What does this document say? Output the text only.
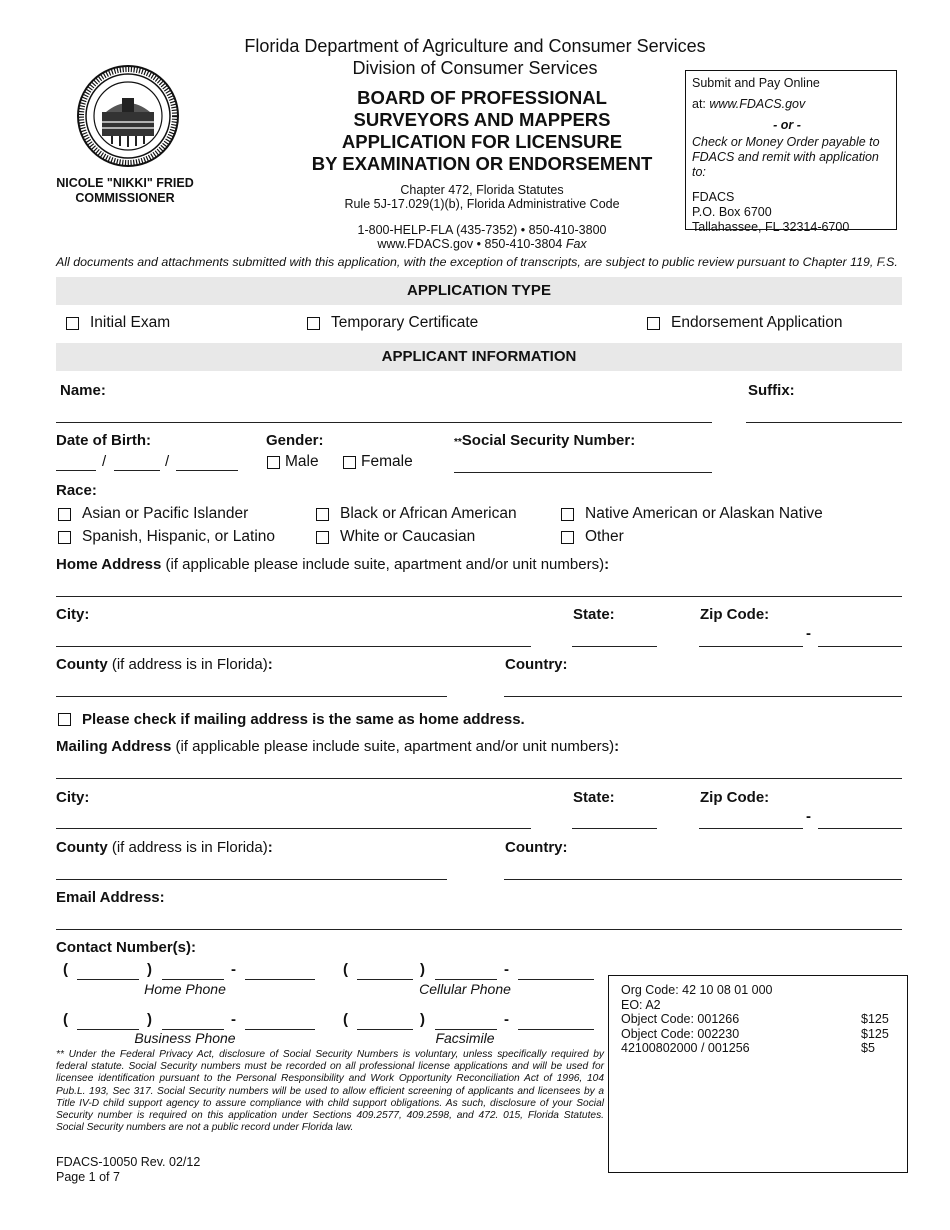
NICOLE "NIKKI" FRIED
COMMISSIONER
Florida Department of Agriculture and Consumer Services
Division of Consumer Services
BOARD OF PROFESSIONAL
SURVEYORS AND MAPPERS
APPLICATION FOR LICENSURE
BY EXAMINATION OR ENDORSEMENT
Chapter 472, Florida Statutes
Rule 5J-17.029(1)(b), Florida Administrative Code
1-800-HELP-FLA (435-7352) • 850-410-3800
www.FDACS.gov • 850-410-3804 Fax
Submit and Pay Online
at: www.FDACS.gov
- or -
Check or Money Order payable to
FDACS and remit with application to:
FDACS
P.O. Box 6700
Tallahassee, FL 32314-6700
All documents and attachments submitted with this application, with the exception of transcripts, are subject to public review pursuant to Chapter 119, F.S.
APPLICATION TYPE
Initial Exam	Temporary Certificate	Endorsement Application
APPLICANT INFORMATION
Name:	Suffix:
Date of Birth:
/	/
Gender:
Male	Female
**Social Security Number:
Race:
Asian or Pacific Islander	Black or African American	Native American or Alaskan Native
Spanish, Hispanic, or Latino	White or Caucasian	Other
Home Address (if applicable please include suite, apartment and/or unit numbers):
City:	State:	Zip Code:
-
County (if address is in Florida):	Country:
Please check if mailing address is the same as home address.
Mailing Address (if applicable please include suite, apartment and/or unit numbers):
City:	State:	Zip Code:
-
County (if address is in Florida):	Country:
Email Address:
Contact Number(s):
(	)	-
Home Phone
(	)	-
Cellular Phone
(	)	-
Business Phone
(	)	-
Facsimile
Org Code: 42 10 08 01 000
EO: A2
Object Code: 001266	$125
Object Code: 002230	$125
42100802000 / 001256	$5
** Under the Federal Privacy Act, disclosure of Social Security Numbers is voluntary, unless specifically required by federal statute. Social Security numbers must be recorded on all professional license applications and will be used for licensee identification pursuant to the Personal Responsibility and Work Opportunity Reconciliation Act of 1996, 104 Pub.L. 193, Sec 317. Social Security numbers will be used to allow efficient screening of applicants and licensees by a Title IV-D child support agency to assure compliance with child support obligations. As such, disclosure of your Social Security number is required on this application under Sections 409.2577, 409.2598, and 472. 015, Florida Statutes. Social Security numbers are not a public record under Florida law.
FDACS-10050 Rev. 02/12
Page 1 of 7
